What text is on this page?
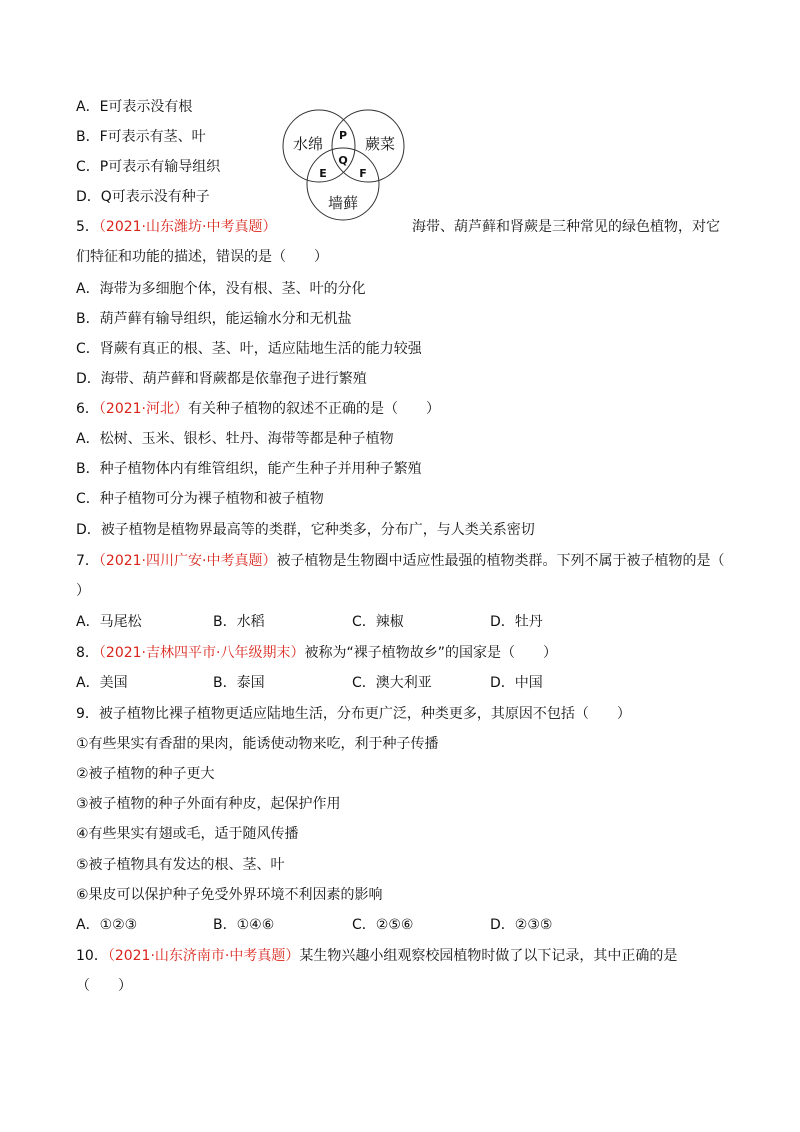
A．E可表示没有根
B．F可表示有茎、叶
C．P可表示有输导组织
D．Q可表示没有种子
水绵	蕨菜
墙藓
P
Q
E	F
5．（2021·山东潍坊·中考真题）	海带、葫芦藓和肾蕨是三种常见的绿色植物，对它
们特征和功能的描述，错误的是（　　）
A．海带为多细胞个体，没有根、茎、叶的分化
B．葫芦藓有输导组织，能运输水分和无机盐
C．肾蕨有真正的根、茎、叶，适应陆地生活的能力较强
D．海带、葫芦藓和肾蕨都是依靠孢子进行繁殖
6．（2021·河北）有关种子植物的叙述不正确的是（　　）
A．松树、玉米、银杉、牡丹、海带等都是种子植物
B．种子植物体内有维管组织，能产生种子并用种子繁殖
C．种子植物可分为裸子植物和被子植物
D．被子植物是植物界最高等的类群，它种类多，分布广，与人类关系密切
7．（2021·四川广安·中考真题）被子植物是生物圈中适应性最强的植物类群。下列不属于被子植物的是（
）
A．马尾松	B．水稻	C．辣椒	D．牡丹
8．（2021·吉林四平市·八年级期末）被称为“裸子植物故乡”的国家是（　　）
A．美国	B．泰国	C．澳大利亚	D．中国
9．被子植物比裸子植物更适应陆地生活，分布更广泛，种类更多，其原因不包括（　　）
①有些果实有香甜的果肉，能诱使动物来吃，利于种子传播
②被子植物的种子更大
③被子植物的种子外面有种皮，起保护作用
④有些果实有翅或毛，适于随风传播
⑤被子植物具有发达的根、茎、叶
⑥果皮可以保护种子免受外界环境不利因素的影响
A．①②③	B．①④⑥	C．②⑤⑥	D．②③⑤
10．（2021·山东济南市·中考真题）某生物兴趣小组观察校园植物时做了以下记录，其中正确的是
（　　）
